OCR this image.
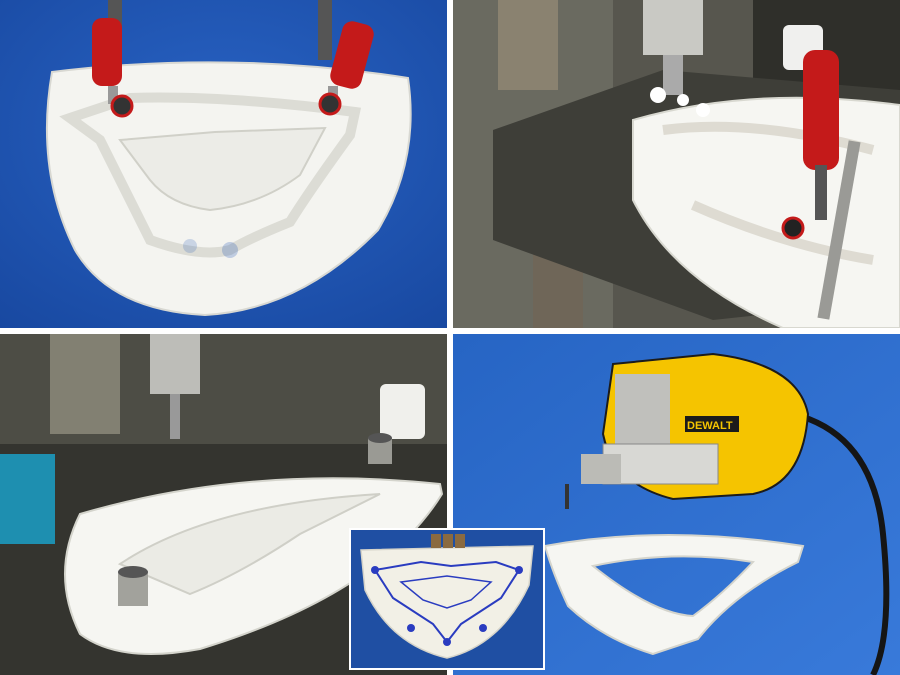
DEWALT
